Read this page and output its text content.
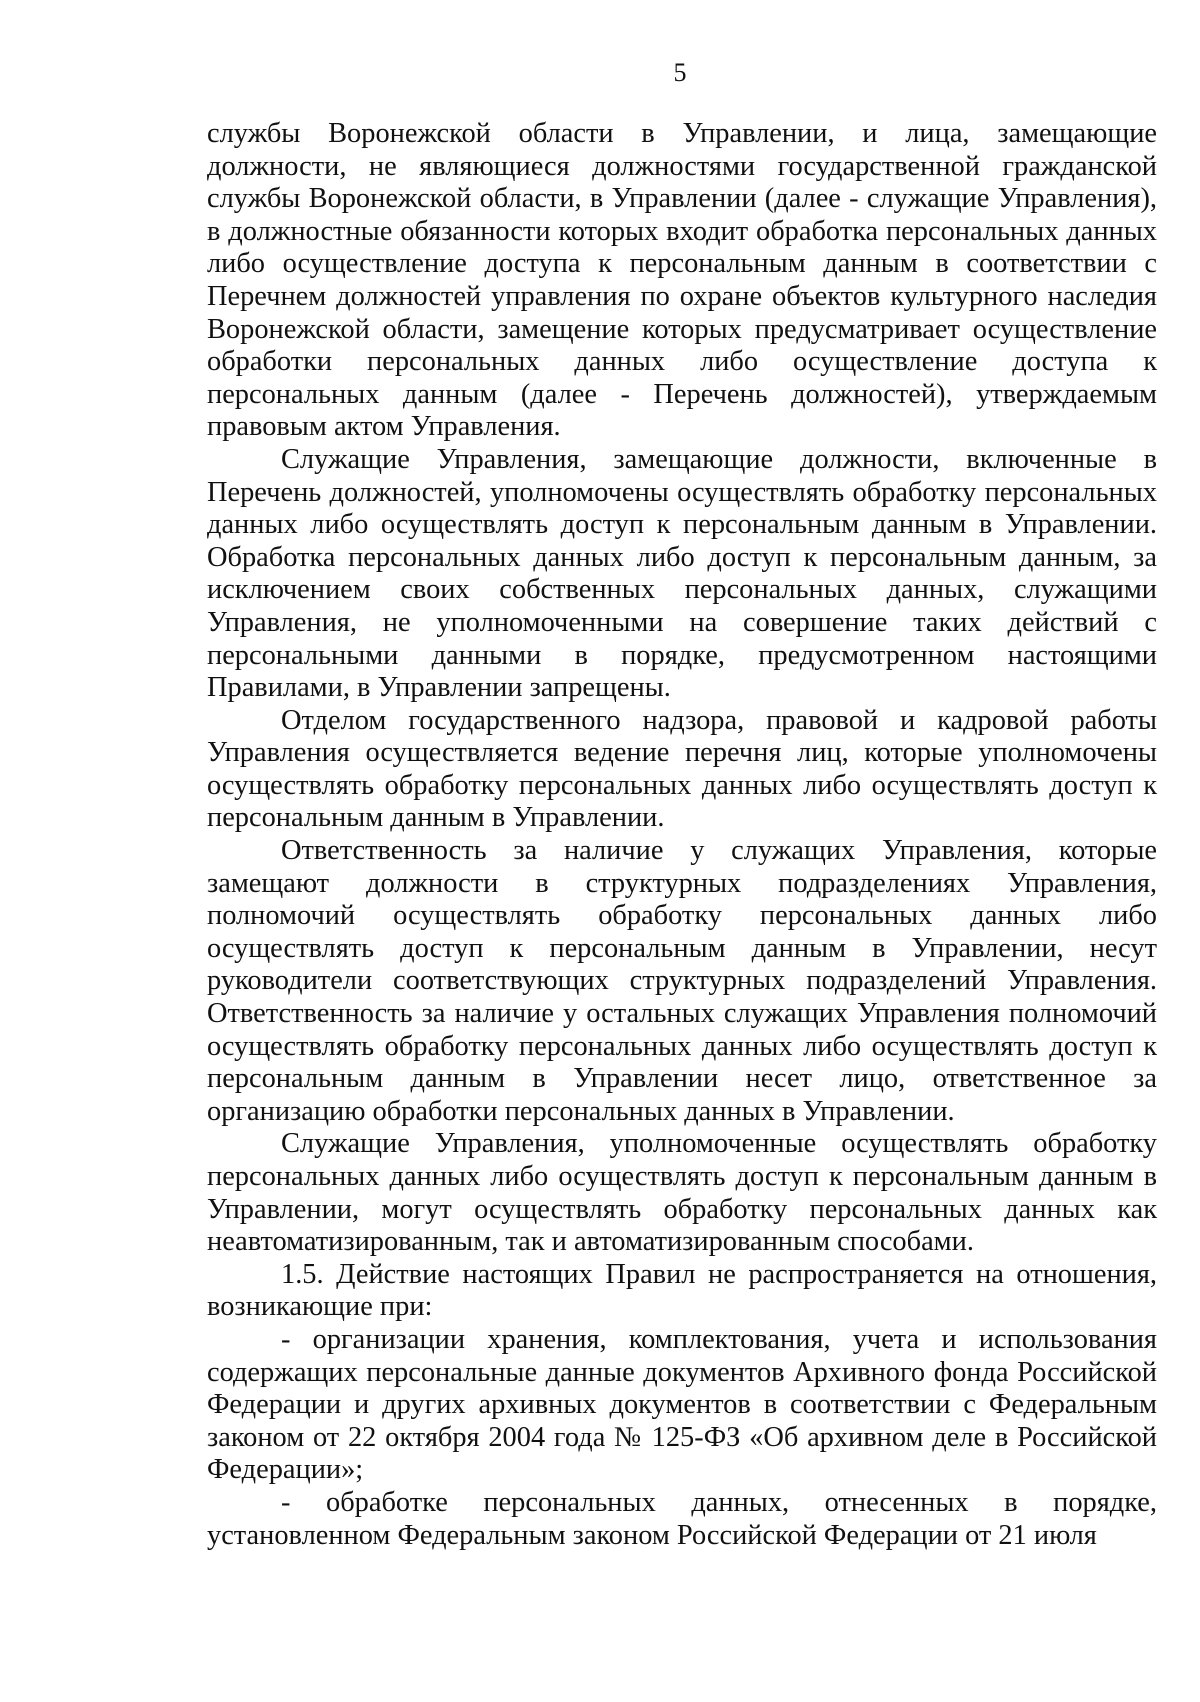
5

службы Воронежской области в Управлении, и лица, замещающие должности, не являющиеся должностями государственной гражданской службы Воронежской области, в Управлении (далее - служащие Управления), в должностные обязанности которых входит обработка персональных данных либо осуществление доступа к персональным данным в соответствии с Перечнем должностей управления по охране объектов культурного наследия Воронежской области, замещение которых предусматривает осуществление обработки персональных данных либо осуществление доступа к персональных данным (далее - Перечень должностей), утверждаемым правовым актом Управления.

Служащие Управления, замещающие должности, включенные в Перечень должностей, уполномочены осуществлять обработку персональных данных либо осуществлять доступ к персональным данным в Управлении. Обработка персональных данных либо доступ к персональным данным, за исключением своих собственных персональных данных, служащими Управления, не уполномоченными на совершение таких действий с персональными данными в порядке, предусмотренном настоящими Правилами, в Управлении запрещены.

Отделом государственного надзора, правовой и кадровой работы Управления осуществляется ведение перечня лиц, которые уполномочены осуществлять обработку персональных данных либо осуществлять доступ к персональным данным в Управлении.

Ответственность за наличие у служащих Управления, которые замещают должности в структурных подразделениях Управления, полномочий осуществлять обработку персональных данных либо осуществлять доступ к персональным данным в Управлении, несут руководители соответствующих структурных подразделений Управления. Ответственность за наличие у остальных служащих Управления полномочий осуществлять обработку персональных данных либо осуществлять доступ к персональным данным в Управлении несет лицо, ответственное за организацию обработки персональных данных в Управлении.

Служащие Управления, уполномоченные осуществлять обработку персональных данных либо осуществлять доступ к персональным данным в Управлении, могут осуществлять обработку персональных данных как неавтоматизированным, так и автоматизированным способами.

1.5. Действие настоящих Правил не распространяется на отношения, возникающие при:

- организации хранения, комплектования, учета и использования содержащих персональные данные документов Архивного фонда Российской Федерации и других архивных документов в соответствии с Федеральным законом от 22 октября 2004 года № 125-ФЗ «Об архивном деле в Российской Федерации»;

- обработке персональных данных, отнесенных в порядке, установленном Федеральным законом Российской Федерации от 21 июля
